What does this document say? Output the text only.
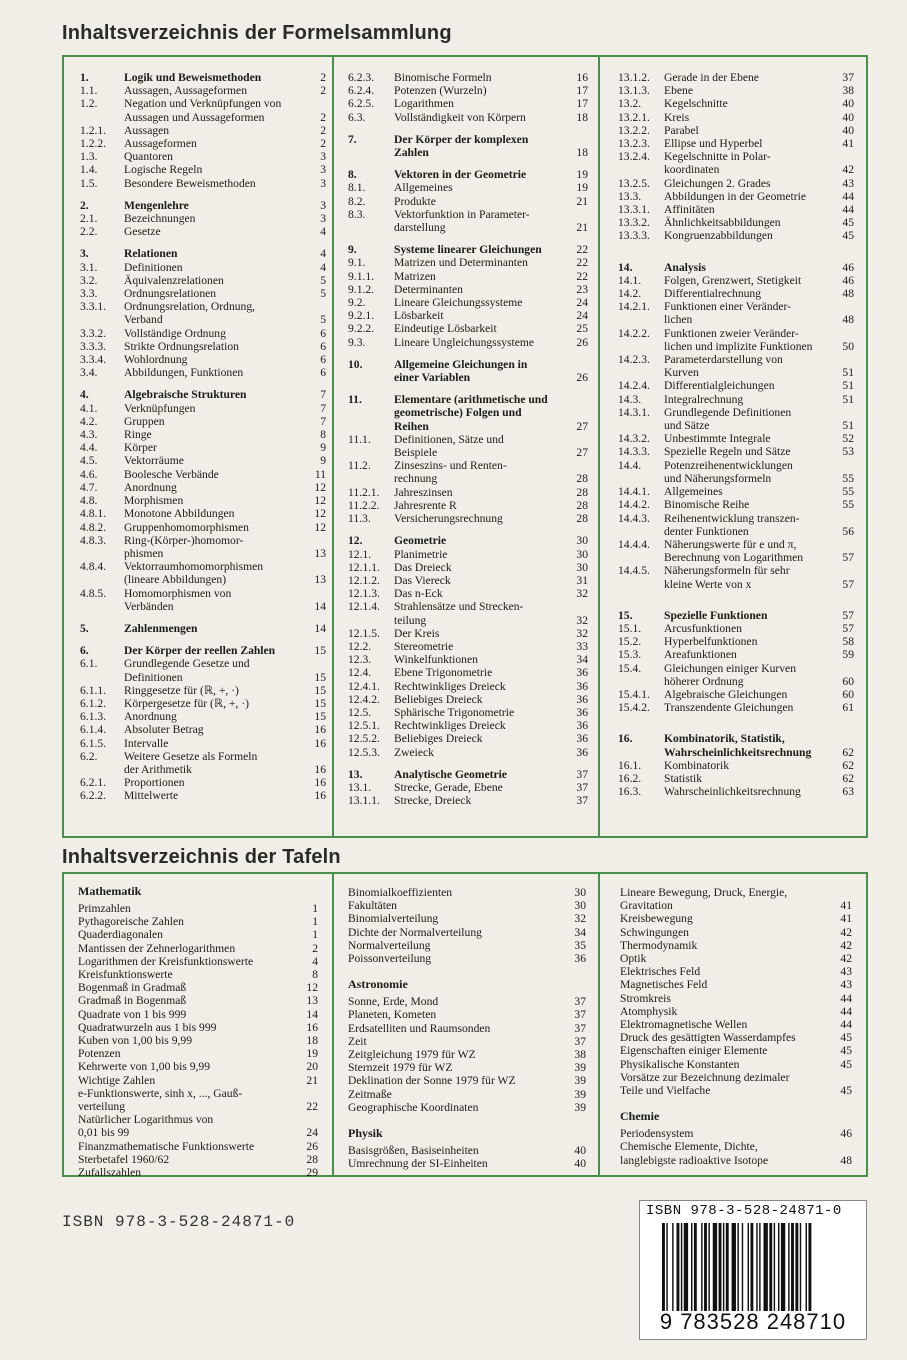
Inhaltsverzeichnis der Formelsammlung
1.	Logik und Beweismethoden	2
1.1. Aussagen, Aussageformen	2
1.2. Negation und Verknüpfungen von
Aussagen und Aussageformen	2
1.2.1. Aussagen	2
1.2.2. Aussageformen	2
1.3. Quantoren	3
1.4. Logische Regeln	3
1.5. Besondere Beweismethoden	3
2.	Mengenlehre	3
2.1. Bezeichnungen	3
2.2. Gesetze	4
3.	Relationen	4
3.1. Definitionen	4
3.2. Äquivalenzrelationen	5
3.3. Ordnungsrelationen	5
3.3.1. Ordnungsrelation, Ordnung,
Verband	5
3.3.2. Vollständige Ordnung	6
3.3.3. Strikte Ordnungsrelation	6
3.3.4. Wohlordnung	6
3.4. Abbildungen, Funktionen	6
4.	Algebraische Strukturen	7
4.1. Verknüpfungen	7
4.2. Gruppen	7
4.3. Ringe	8
4.4. Körper	9
4.5. Vektorräume	9
4.6. Boolesche Verbände	11
4.7. Anordnung	12
4.8. Morphismen	12
4.8.1. Monotone Abbildungen	12
4.8.2. Gruppenhomomorphismen	12
4.8.3. Ring-(Körper-)homomor-
phismen	13
4.8.4. Vektorraumhomomorphismen
(lineare Abbildungen)	13
4.8.5. Homomorphismen von
Verbänden	14
5.	Zahlenmengen	14
6.	Der Körper der reellen Zahlen	15
6.1. Grundlegende Gesetze und
Definitionen	15
6.1.1. Ringgesetze für (ℝ, +, ·)	15
6.1.2. Körpergesetze für (ℝ, +, ·)	15
6.1.3. Anordnung	15
6.1.4. Absoluter Betrag	16
6.1.5. Intervalle	16
6.2. Weitere Gesetze als Formeln
der Arithmetik	16
6.2.1. Proportionen	16
6.2.2. Mittelwerte	16
6.2.3. Binomische Formeln	16
6.2.4. Potenzen (Wurzeln)	17
6.2.5. Logarithmen	17
6.3. Vollständigkeit von Körpern	18
7.	Der Körper der komplexen
Zahlen	18
8.	Vektoren in der Geometrie	19
8.1. Allgemeines	19
8.2. Produkte	21
8.3. Vektorfunktion in Parameter-
darstellung	21
9.	Systeme linearer Gleichungen	22
9.1. Matrizen und Determinanten	22
9.1.1. Matrizen	22
9.1.2. Determinanten	23
9.2. Lineare Gleichungssysteme	24
9.2.1. Lösbarkeit	24
9.2.2. Eindeutige Lösbarkeit	25
9.3. Lineare Ungleichungssysteme	26
10.	Allgemeine Gleichungen in
einer Variablen	26
11.	Elementare (arithmetische und
geometrische) Folgen und
Reihen	27
11.1. Definitionen, Sätze und
Beispiele	27
11.2. Zinseszins- und Renten-
rechnung	28
11.2.1. Jahreszinsen	28
11.2.2. Jahresrente R	28
11.3. Versicherungsrechnung	28
12.	Geometrie	30
12.1. Planimetrie	30
12.1.1. Das Dreieck	30
12.1.2. Das Viereck	31
12.1.3. Das n-Eck	32
12.1.4. Strahlensätze und Strecken-
teilung	32
12.1.5. Der Kreis	32
12.2. Stereometrie	33
12.3. Winkelfunktionen	34
12.4. Ebene Trigonometrie	36
12.4.1. Rechtwinkliges Dreieck	36
12.4.2. Beliebiges Dreieck	36
12.5. Sphärische Trigonometrie	36
12.5.1. Rechtwinkliges Dreieck	36
12.5.2. Beliebiges Dreieck	36
12.5.3. Zweieck	36
13.	Analytische Geometrie	37
13.1. Strecke, Gerade, Ebene	37
13.1.1. Strecke, Dreieck	37
13.1.2. Gerade in der Ebene	37
13.1.3. Ebene	38
13.2. Kegelschnitte	40
13.2.1. Kreis	40
13.2.2. Parabel	40
13.2.3. Ellipse und Hyperbel	41
13.2.4. Kegelschnitte in Polar-
koordinaten	42
13.2.5. Gleichungen 2. Grades	43
13.3. Abbildungen in der Geometrie	44
13.3.1. Affinitäten	44
13.3.2. Ähnlichkeitsabbildungen	45
13.3.3. Kongruenzabbildungen	45
14.	Analysis	46
14.1. Folgen, Grenzwert, Stetigkeit	46
14.2. Differentialrechnung	48
14.2.1. Funktionen einer Veränder-
lichen	48
14.2.2. Funktionen zweier Veränder-
lichen und implizite Funktionen	50
14.2.3. Parameterdarstellung von
Kurven	51
14.2.4. Differentialgleichungen	51
14.3. Integralrechnung	51
14.3.1. Grundlegende Definitionen
und Sätze	51
14.3.2. Unbestimmte Integrale	52
14.3.3. Spezielle Regeln und Sätze	53
14.4. Potenzreihenentwicklungen
und Näherungsformeln	55
14.4.1. Allgemeines	55
14.4.2. Binomische Reihe	55
14.4.3. Reihenentwicklung transzen-
denter Funktionen	56
14.4.4. Näherungswerte für e und π,
Berechnung von Logarithmen	57
14.4.5. Näherungsformeln für sehr
kleine Werte von x	57
15.	Spezielle Funktionen	57
15.1. Arcusfunktionen	57
15.2. Hyperbelfunktionen	58
15.3. Areafunktionen	59
15.4. Gleichungen einiger Kurven
höherer Ordnung	60
15.4.1. Algebraische Gleichungen	60
15.4.2. Transzendente Gleichungen	61
16.	Kombinatorik, Statistik,
Wahrscheinlichkeitsrechnung	62
16.1. Kombinatorik	62
16.2. Statistik	62
16.3. Wahrscheinlichkeitsrechnung	63
Inhaltsverzeichnis der Tafeln
Mathematik
Primzahlen	1
Pythagoreische Zahlen	1
Quaderdiagonalen	1
Mantissen der Zehnerlogarithmen	2
Logarithmen der Kreisfunktionswerte	4
Kreisfunktionswerte	8
Bogenmaß in Gradmaß	12
Gradmaß in Bogenmaß	13
Quadrate von 1 bis 999	14
Quadratwurzeln aus 1 bis 999	16
Kuben von 1,00 bis 9,99	18
Potenzen	19
Kehrwerte von 1,00 bis 9,99	20
Wichtige Zahlen	21
e-Funktionswerte, sinh x, ..., Gauß-
verteilung	22
Natürlicher Logarithmus von
0,01 bis 99	24
Finanzmathematische Funktionswerte	26
Sterbetafel 1960/62	28
Zufallszahlen	29
Binomialkoeffizienten	30
Fakultäten	30
Binomialverteilung	32
Dichte der Normalverteilung	34
Normalverteilung	35
Poissonverteilung	36
Astronomie
Sonne, Erde, Mond	37
Planeten, Kometen	37
Erdsatelliten und Raumsonden	37
Zeit	37
Zeitgleichung 1979 für WZ	38
Sternzeit 1979 für WZ	39
Deklination der Sonne 1979 für WZ	39
Zeitmaße	39
Geographische Koordinaten	39
Physik
Basisgrößen, Basiseinheiten	40
Umrechnung der SI-Einheiten	40
Lineare Bewegung, Druck, Energie,
Gravitation	41
Kreisbewegung	41
Schwingungen	42
Thermodynamik	42
Optik	42
Elektrisches Feld	43
Magnetisches Feld	43
Stromkreis	44
Atomphysik	44
Elektromagnetische Wellen	44
Druck des gesättigten Wasserdampfes	45
Eigenschaften einiger Elemente	45
Physikalische Konstanten	45
Vorsätze zur Bezeichnung dezimaler
Teile und Vielfache	45
Chemie
Periodensystem	46
Chemische Elemente, Dichte,
langlebigste radioaktive Isotope	48
ISBN 978-3-528-24871-0
ISBN 978-3-528-24871-0
9 783528 248710
